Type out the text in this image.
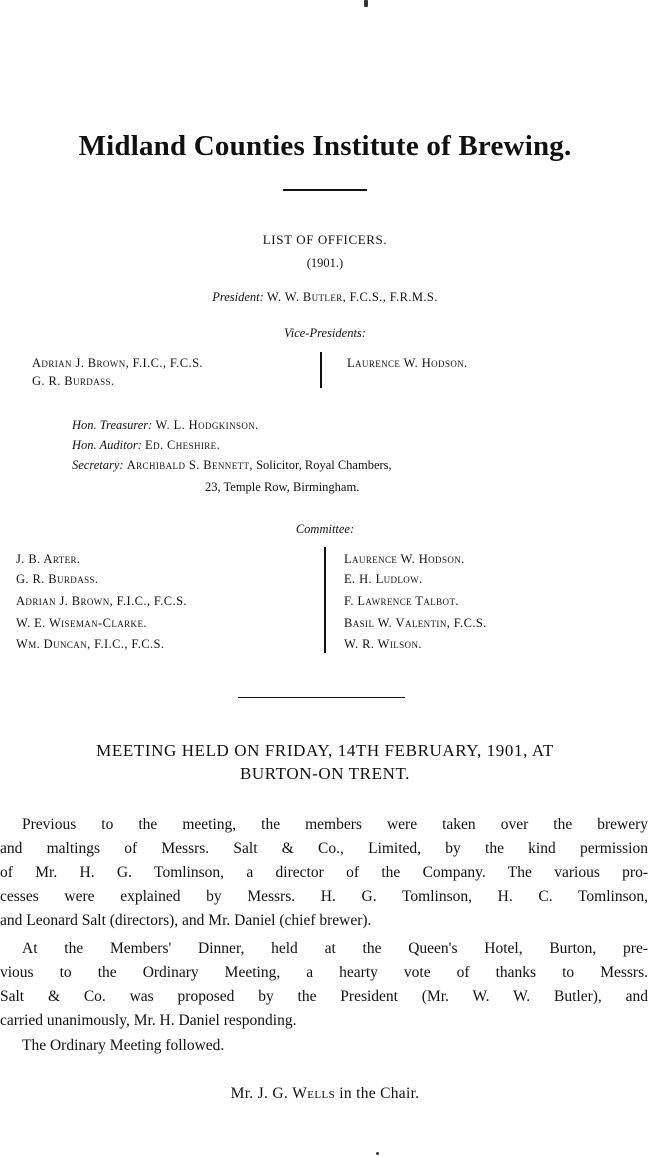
Midland Counties Institute of Brewing.
LIST OF OFFICERS.
(1901.)
President: W. W. Butler, F.C.S., F.R.M.S.
Vice-Presidents:
Adrian J. Brown, F.I.C., F.C.S.
G. R. Burdass.
Laurence W. Hodson.
Hon. Treasurer: W. L. Hodgkinson.
Hon. Auditor: Ed. Cheshire.
Secretary: Archibald S. Bennett, Solicitor, Royal Chambers,
23, Temple Row, Birmingham.
Committee:
J. B. Arter.
G. R. Burdass.
Adrian J. Brown, F.I.C., F.C.S.
W. E. Wiseman-Clarke.
Wm. Duncan, F.I.C., F.C.S.
Laurence W. Hodson.
E. H. Ludlow.
F. Lawrence Talbot.
Basil W. Valentin, F.C.S.
W. R. Wilson.
MEETING HELD ON FRIDAY, 14TH FEBRUARY, 1901, AT
BURTON-ON TRENT.
Previous to the meeting, the members were taken over the brewery
and maltings of Messrs. Salt & Co., Limited, by the kind permission
of Mr. H. G. Tomlinson, a director of the Company. The various pro-
cesses were explained by Messrs. H. G. Tomlinson, H. C. Tomlinson,
and Leonard Salt (directors), and Mr. Daniel (chief brewer).
At the Members' Dinner, held at the Queen's Hotel, Burton, pre-
vious to the Ordinary Meeting, a hearty vote of thanks to Messrs.
Salt & Co. was proposed by the President (Mr. W. W. Butler), and
carried unanimously, Mr. H. Daniel responding.
The Ordinary Meeting followed.
Mr. J. G. Wells in the Chair.
